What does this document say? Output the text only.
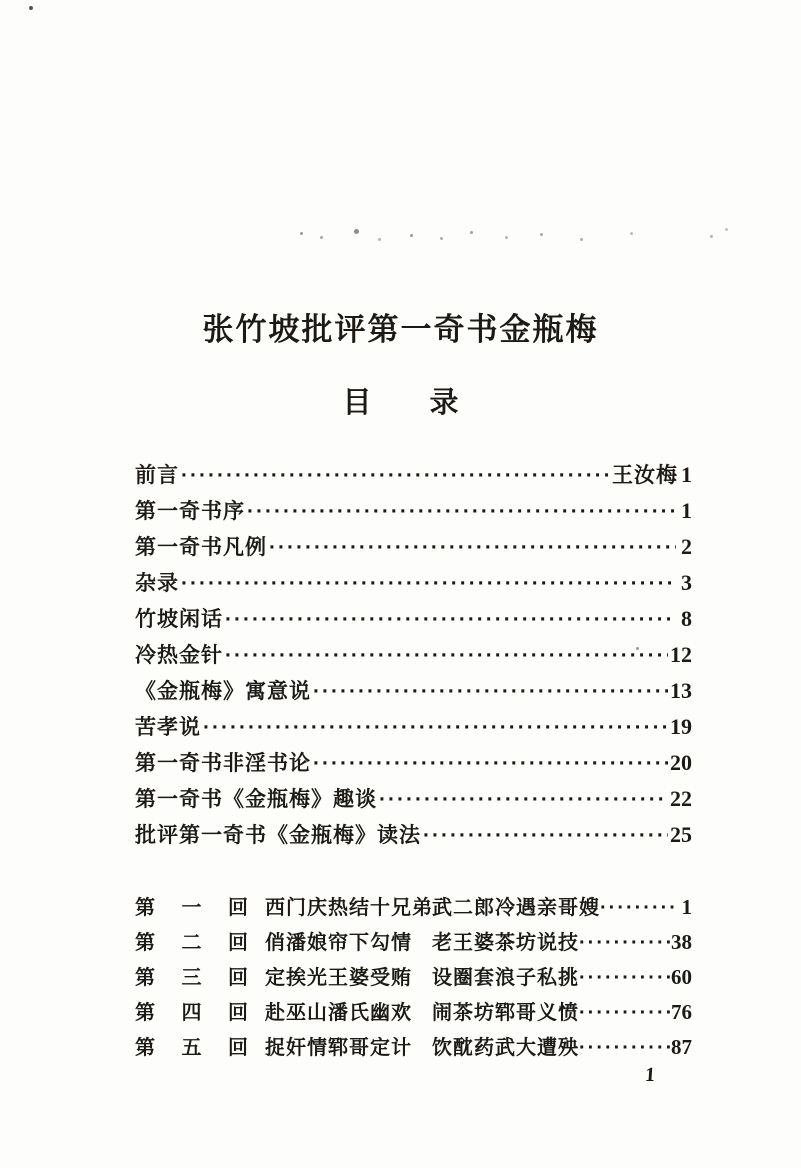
张竹坡批评第一奇书金瓶梅
目 录
前言 ·····	王汝梅 1
第一奇书序 ·····	1
第一奇书凡例 ·····	2
杂录 ·····	3
竹坡闲话 ·····	8
冷热金针 ·····	12
《金瓶梅》寓意说 ·····	13
苦孝说 ·····	19
第一奇书非淫书论 ·····	20
第一奇书《金瓶梅》趣谈 ·····	22
批评第一奇书《金瓶梅》读法 ·····	25
第 一 回 西门庆热结十兄弟 武二郎冷遇亲哥嫂 ·····	1
第 二 回 俏潘娘帘下勾情	老王婆茶坊说技 ·····	38
第 三 回 定挨光王婆受贿	设圈套浪子私挑 ·····	60
第 四 回 赴巫山潘氏幽欢	闹茶坊郓哥义愤 ·····	76
第 五 回 捉奸情郓哥定计	饮酖药武大遭殃 ·····	87
1
